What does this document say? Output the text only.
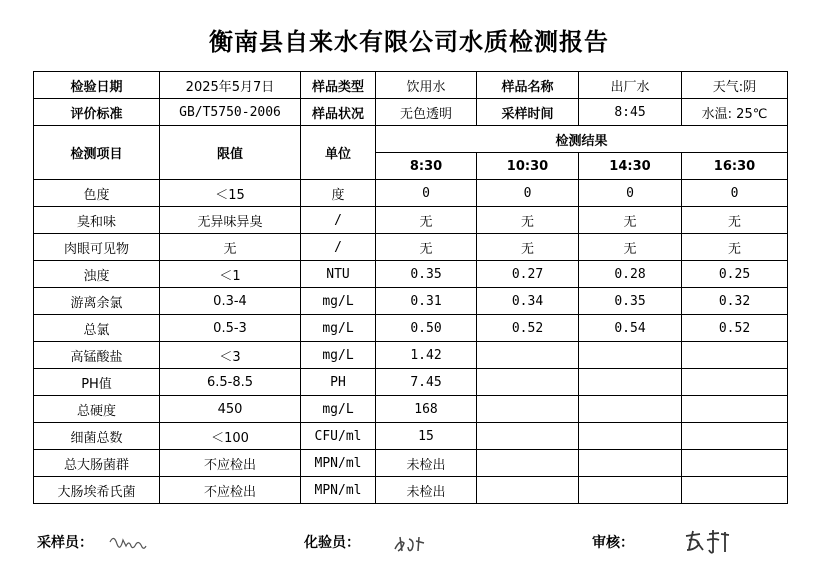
衡南县自来水有限公司水质检测报告
检验日期	2025年5月7日	样品类型	饮用水	样品名称	出厂水	天气:阴
评价标准	GB/T5750-2006	样品状况	无色透明	采样时间	8:45	水温: 25℃
检测项目	限值	单位	检测结果			
			8:30	10:30	14:30	16:30
色度	＜15	度	0	0	0	0
臭和味	无异味异臭	/	无	无	无	无
肉眼可见物	无	/	无	无	无	无
浊度	＜1	NTU	0.35	0.27	0.28	0.25
游离余氯	0.3-4	mg/L	0.31	0.34	0.35	0.32
总氯	0.5-3	mg/L	0.50	0.52	0.54	0.52
高锰酸盐	＜3	mg/L	1.42			
PH值	6.5-8.5	PH	7.45			
总硬度	450	mg/L	168			
细菌总数	＜100	CFU/ml	15			
总大肠菌群	不应检出	MPN/ml	未检出			
大肠埃希氏菌	不应检出	MPN/ml	未检出			
采样员：	化验员：	审核：
